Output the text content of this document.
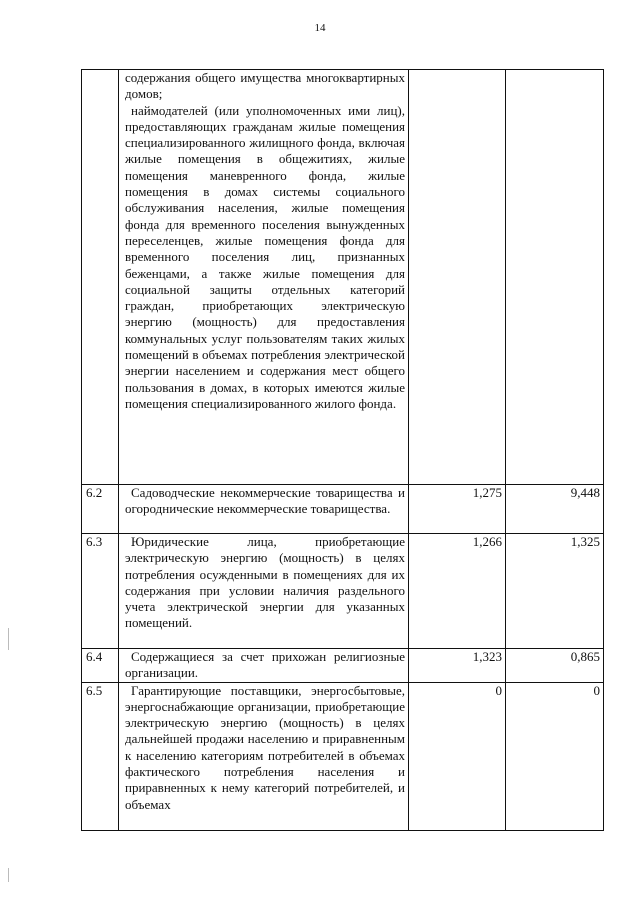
14

	содержания общего имущества многоквартирных домов;
наймодателей (или уполномоченных ими лиц), предоставляющих гражданам жилые помещения специализированного жилищного фонда, включая жилые помещения в общежитиях, жилые помещения маневренного фонда, жилые помещения в домах системы социального обслуживания населения, жилые помещения фонда для временного поселения вынужденных переселенцев, жилые помещения фонда для временного поселения лиц, признанных беженцами, а также жилые помещения для социальной защиты отдельных категорий граждан, приобретающих электрическую энергию (мощность) для предоставления коммунальных услуг пользователям таких жилых помещений в объемах потребления электрической энергии населением и содержания мест общего пользования в домах, в которых имеются жилые помещения специализированного жилого фонда.		

6.2	Садоводческие некоммерческие товарищества и огороднические некоммерческие товарищества.	1,275	9,448
6.3	Юридические лица, приобретающие электрическую энергию (мощность) в целях потребления осужденными в помещениях для их содержания при условии наличия раздельного учета электрической энергии для указанных помещений.	1,266	1,325
6.4	Содержащиеся за счет прихожан религиозные организации.	1,323	0,865
6.5	Гарантирующие поставщики, энергосбытовые, энергоснабжающие организации, приобретающие электрическую энергию (мощность) в целях дальнейшей продажи населению и приравненным к населению категориям потребителей в объемах фактического потребления населения и приравненных к нему категорий потребителей, и объемах	0	0
